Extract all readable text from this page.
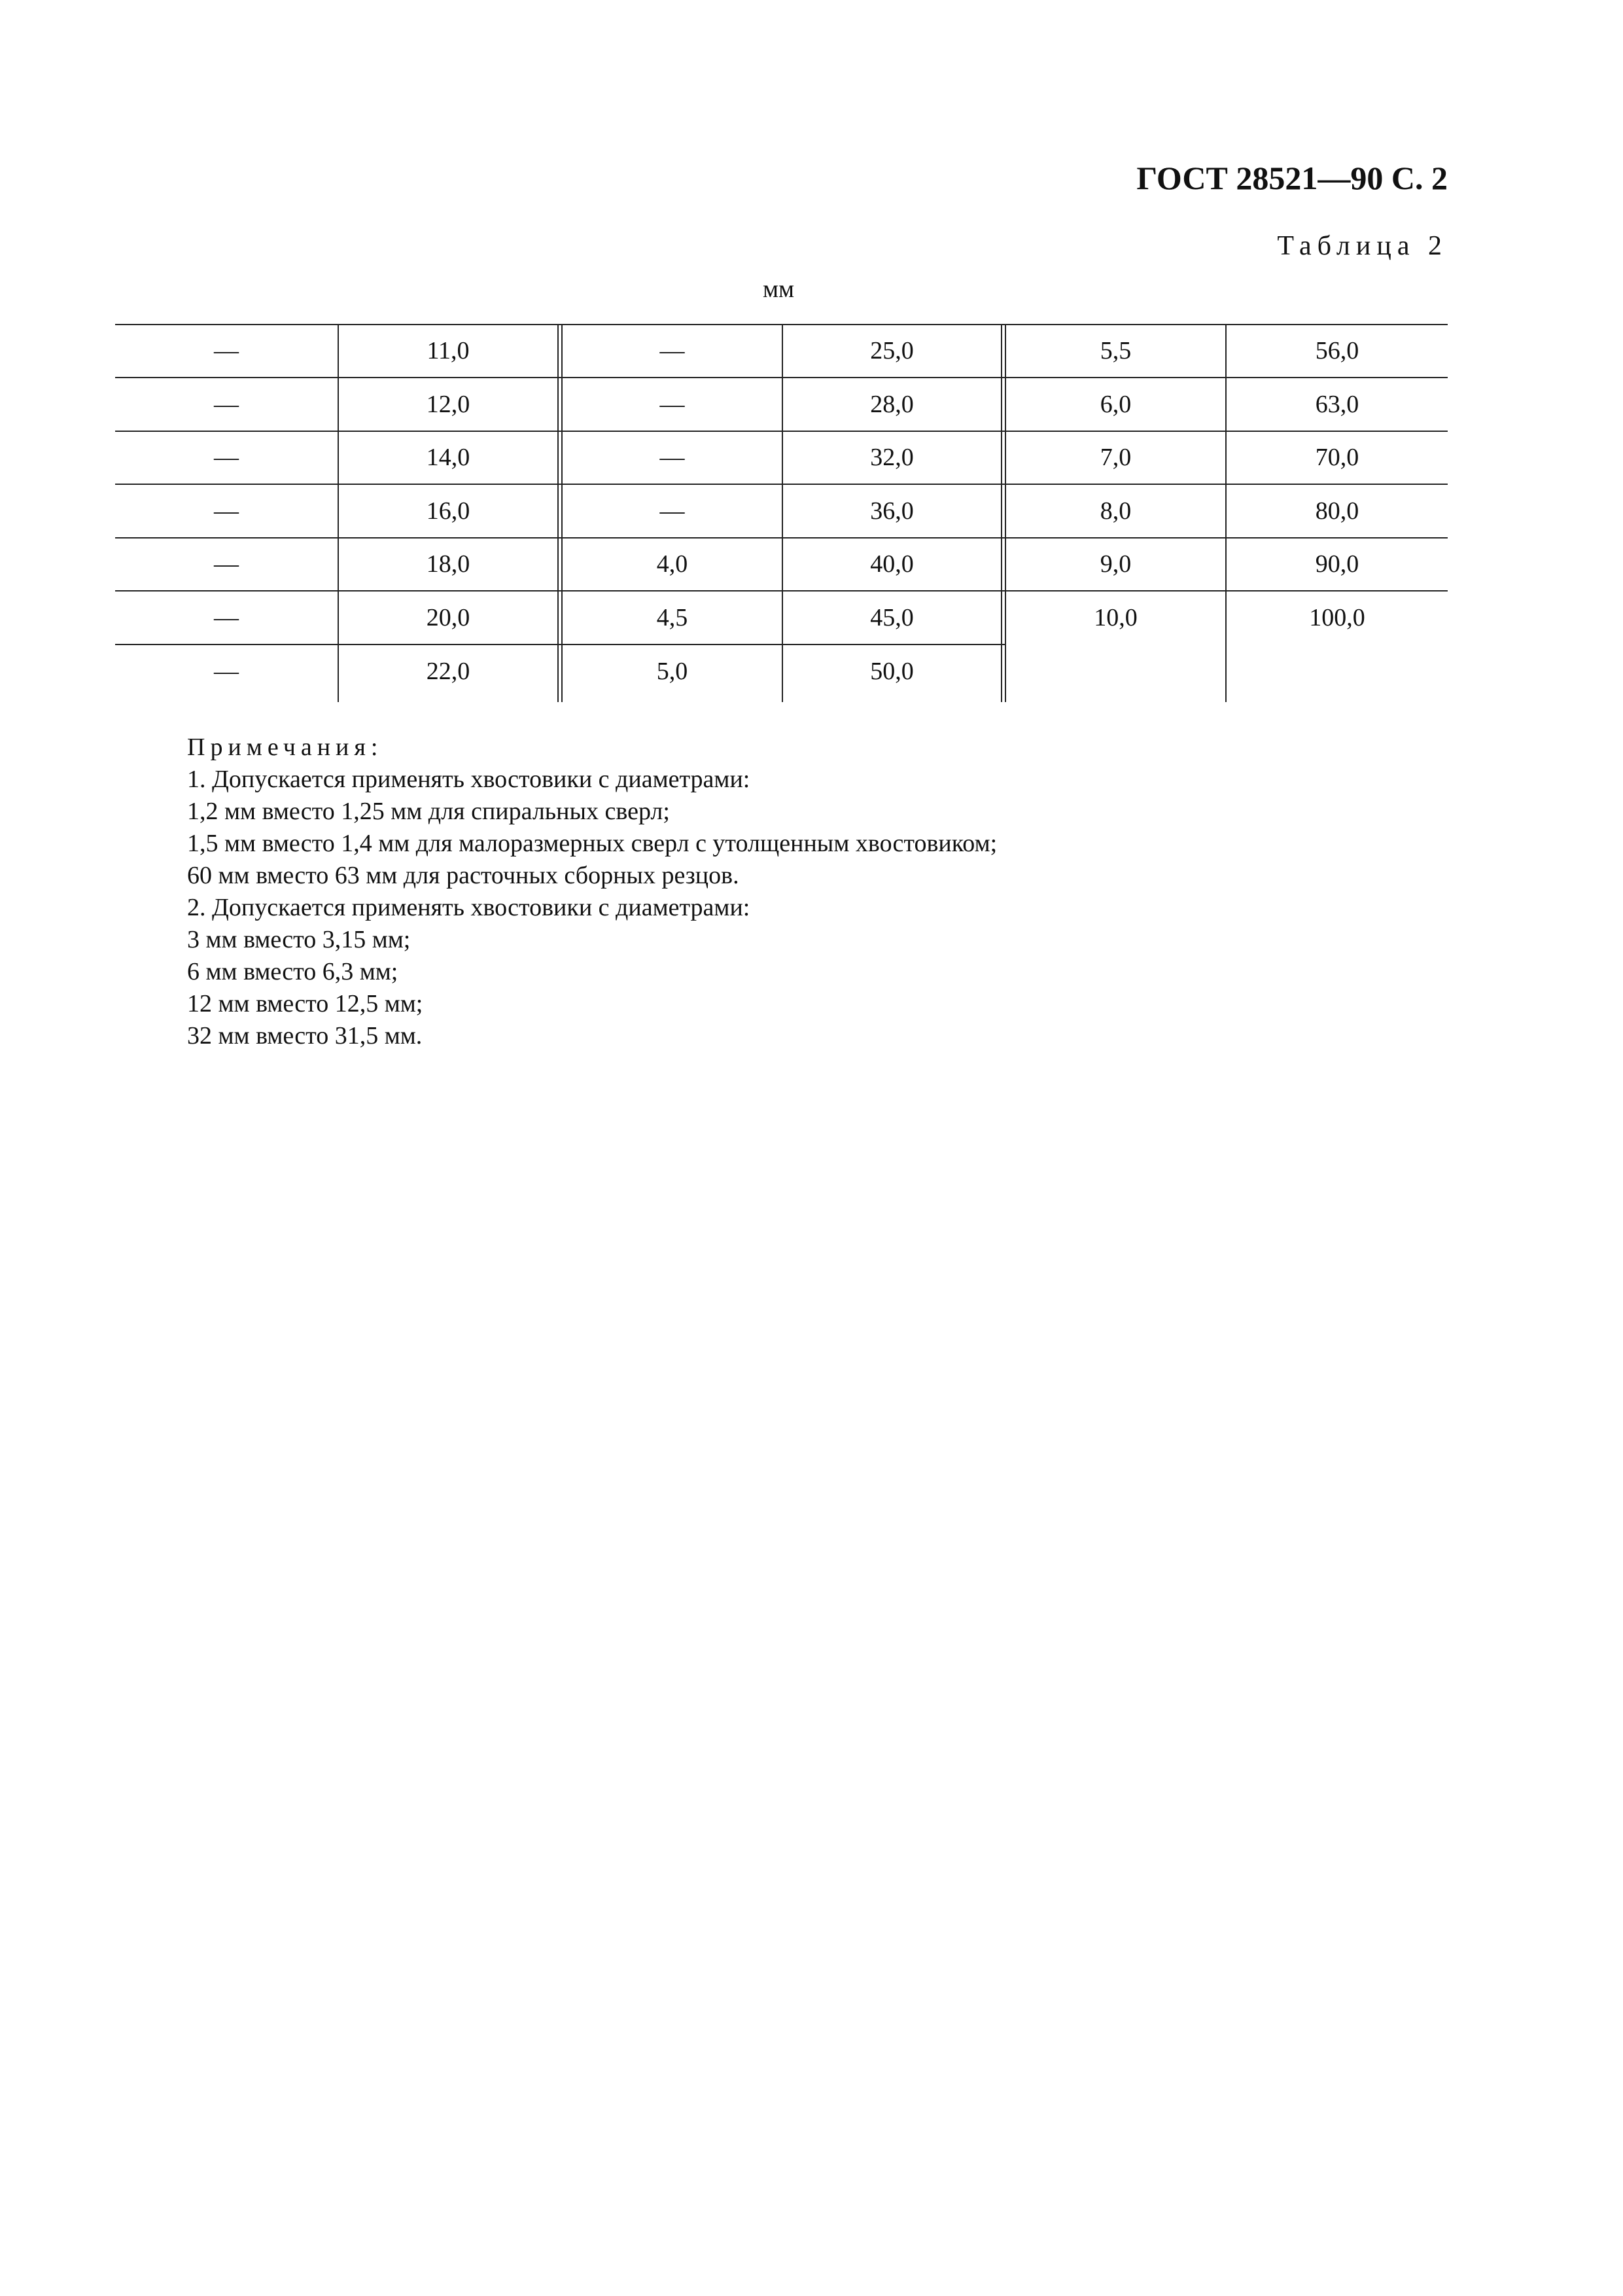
ГОСТ 28521—90 С. 2
Таблица 2
мм
—	11,0	—	25,0	5,5	56,0
—	12,0	—	28,0	6,0	63,0
—	14,0	—	32,0	7,0	70,0
—	16,0	—	36,0	8,0	80,0
—	18,0	4,0	40,0	9,0	90,0
—	20,0	4,5	45,0	10,0	100,0
—	22,0	5,0	50,0
Примечания:
1. Допускается применять хвостовики с диаметрами:
1,2 мм вместо 1,25 мм для спиральных сверл;
1,5 мм вместо 1,4 мм для малоразмерных сверл с утолщенным хвостовиком;
60 мм вместо 63 мм для расточных сборных резцов.
2. Допускается применять хвостовики с диаметрами:
3 мм вместо 3,15 мм;
6 мм вместо 6,3 мм;
12 мм вместо 12,5 мм;
32 мм вместо 31,5 мм.
